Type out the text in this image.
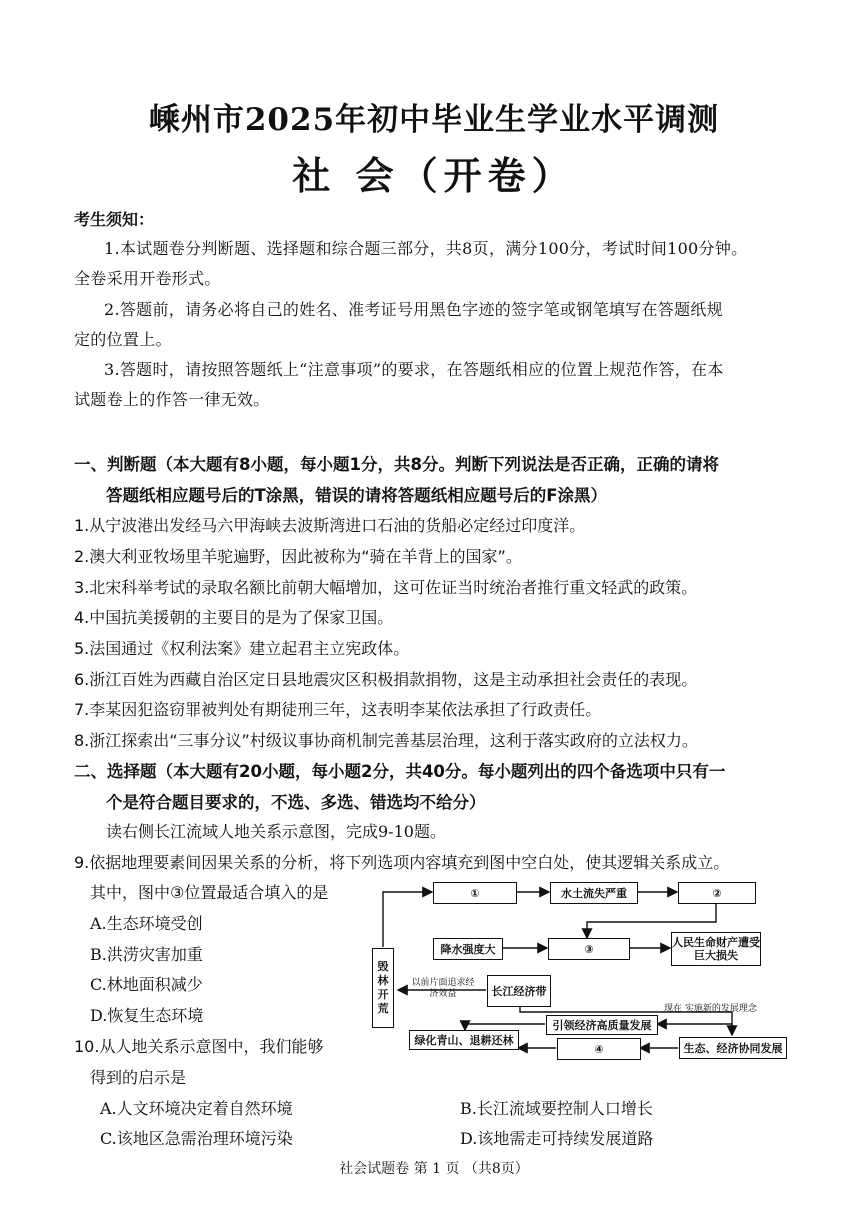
嵊州市2025年初中毕业生学业水平调测
社 会（开卷）
考生须知：
1.本试题卷分判断题、选择题和综合题三部分，共8页，满分100分，考试时间100分钟。
全卷采用开卷形式。
2.答题前，请务必将自己的姓名、准考证号用黑色字迹的签字笔或钢笔填写在答题纸规
定的位置上。
3.答题时，请按照答题纸上“注意事项”的要求，在答题纸相应的位置上规范作答，在本
试题卷上的作答一律无效。
一、判断题（本大题有8小题，每小题1分，共8分。判断下列说法是否正确，正确的请将
答题纸相应题号后的T涂黑，错误的请将答题纸相应题号后的F涂黑）
1.从宁波港出发经马六甲海峡去波斯湾进口石油的货船必定经过印度洋。
2.澳大利亚牧场里羊驼遍野，因此被称为“骑在羊背上的国家”。
3.北宋科举考试的录取名额比前朝大幅增加，这可佐证当时统治者推行重文轻武的政策。
4.中国抗美援朝的主要目的是为了保家卫国。
5.法国通过《权利法案》建立起君主立宪政体。
6.浙江百姓为西藏自治区定日县地震灾区积极捐款捐物，这是主动承担社会责任的表现。
7.李某因犯盗窃罪被判处有期徒刑三年，这表明李某依法承担了行政责任。
8.浙江探索出“三事分议”村级议事协商机制完善基层治理，这利于落实政府的立法权力。
二、选择题（本大题有20小题，每小题2分，共40分。每小题列出的四个备选项中只有一
个是符合题目要求的，不选、多选、错选均不给分）
读右侧长江流域人地关系示意图，完成9-10题。
9.依据地理要素间因果关系的分析，将下列选项内容填充到图中空白处，使其逻辑关系成立。
其中，图中③位置最适合填入的是
A.生态环境受创
B.洪涝灾害加重
C.林地面积减少
D.恢复生态环境
10.从人地关系示意图中，我们能够
得到的启示是
A.人文环境决定着自然环境	B.长江流域要控制人口增长
C.该地区急需治理环境污染	D.该地需走可持续发展道路
毁林开荒
①	水土流失严重	②
降水强度大	③	人民生命财产遭受巨大损失
长江经济带
以前片面追求经济效益
现在 实施新的发展理念
引领经济高质量发展
绿化青山、退耕还林
④	生态、经济协同发展
社会试题卷 第 1 页 （共8页）
